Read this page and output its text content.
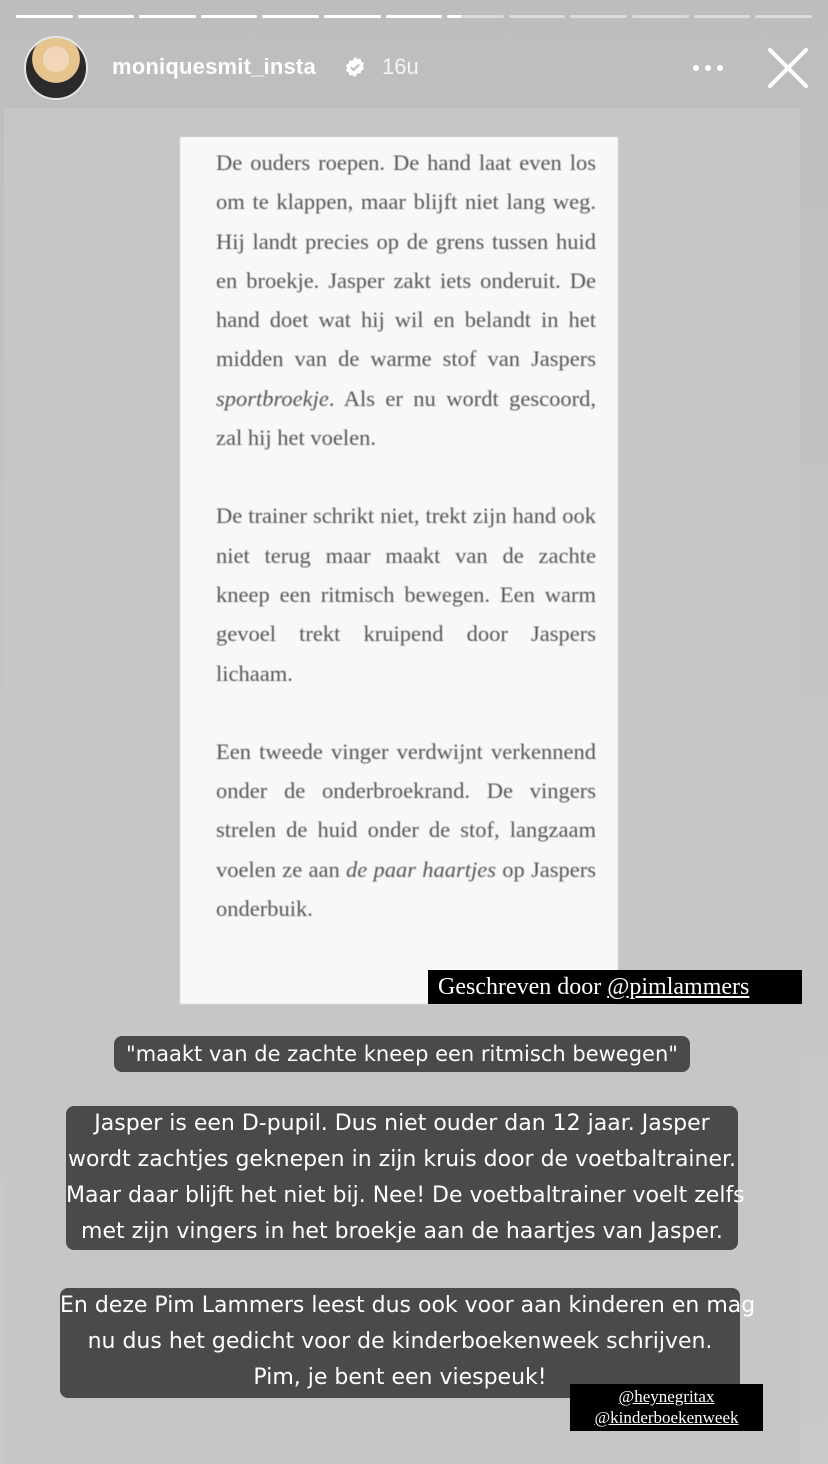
moniquesmit_insta	16u

De ouders roepen. De hand laat even los om te klappen, maar blijft niet lang weg. Hij landt precies op de grens tussen huid en broekje. Jasper zakt iets onderuit. De hand doet wat hij wil en belandt in het midden van de warme stof van Jaspers sportbroekje. Als er nu wordt gescoord, zal hij het voelen.

De trainer schrikt niet, trekt zijn hand ook niet terug maar maakt van de zachte kneep een ritmisch bewegen. Een warm gevoel trekt kruipend door Jaspers lichaam.

Een tweede vinger verdwijnt verkennend onder de onderbroekrand. De vingers strelen de huid onder de stof, langzaam voelen ze aan de paar haartjes op Jaspers onderbuik.

Geschreven door @pimlammers
"maakt van de zachte kneep een ritmisch bewegen"
Jasper is een D-pupil. Dus niet ouder dan 12 jaar. Jasper
wordt zachtjes geknepen in zijn kruis door de voetbaltrainer.
Maar daar blijft het niet bij. Nee! De voetbaltrainer voelt zelfs
met zijn vingers in het broekje aan de haartjes van Jasper.
En deze Pim Lammers leest dus ook voor aan kinderen en mag
nu dus het gedicht voor de kinderboekenweek schrijven.
Pim, je bent een viespeuk!
@heynegritax
@kinderboekenweek
